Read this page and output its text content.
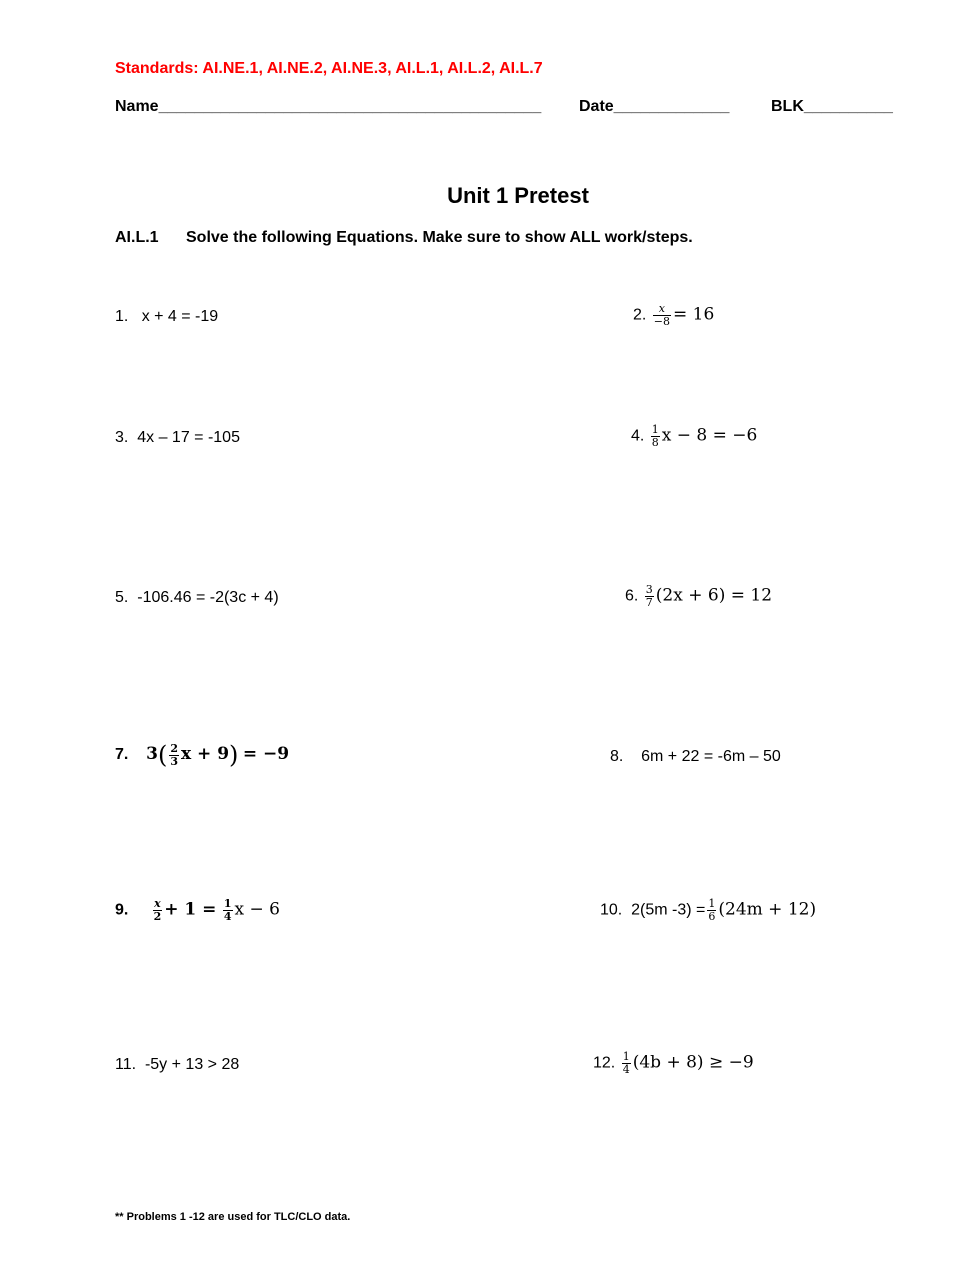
Standards: AI.NE.1, AI.NE.2, AI.NE.3, AI.L.1, AI.L.2, AI.L.7
Name___________________________________________ Date_____________	BLK__________
Unit 1 Pretest
AI.L.1 Solve the following Equations. Make sure to show ALL work/steps.
1. x + 4 = -19	2. $\frac{x}{-8} = 16$
3. 4x – 17 = -105	4. $\frac{1}{8}$ x − 8 = −6
5. -106.46 = -2(3c + 4)	6. $\frac{3}{7} (2x + 6) = 12$
7. $3( \frac{2}{3}$ x + 9) = −9	8. 6m + 22 = -6m – 50
9. $\frac{x}{2} + 1 = \frac{1}{4}$ x − 6	10. 2(5m $-3) = \frac{1}{6} (24m + 12)$
11. -5y + 13 > 28	12. $\frac{1}{4} (4b + 8) \ge -9$
** Problems 1 -12 are used for TLC/CLO data.
